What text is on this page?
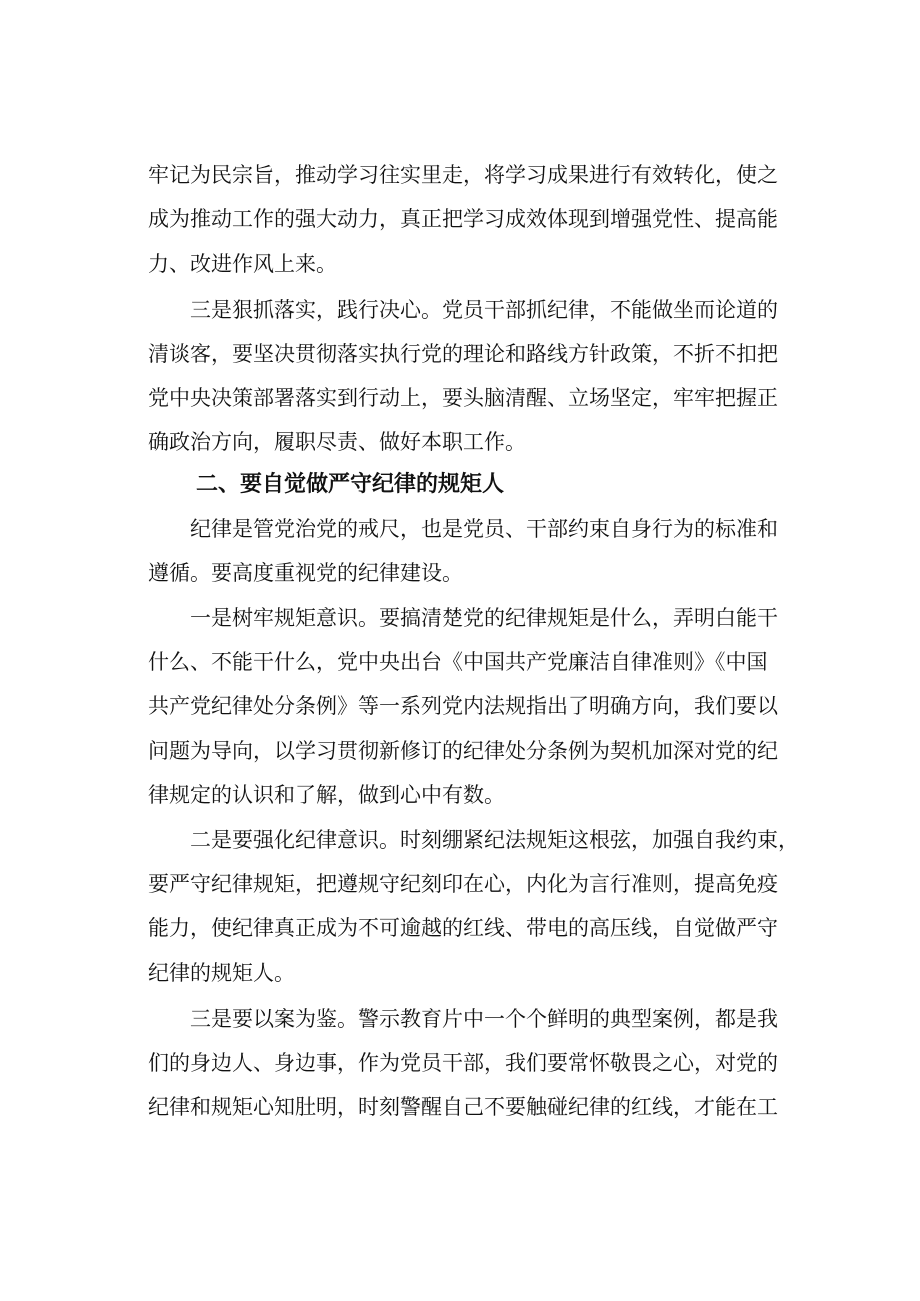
牢记为民宗旨，推动学习往实里走，将学习成果进行有效转化，使之

成为推动工作的强大动力，真正把学习成效体现到增强党性、提高能

力、改进作风上来。

　　三是狠抓落实，践行决心。党员干部抓纪律，不能做坐而论道的

清谈客，要坚决贯彻落实执行党的理论和路线方针政策，不折不扣把

党中央决策部署落实到行动上，要头脑清醒、立场坚定，牢牢把握正

确政治方向，履职尽责、做好本职工作。

二、要自觉做严守纪律的规矩人

　　纪律是管党治党的戒尺，也是党员、干部约束自身行为的标准和

遵循。要高度重视党的纪律建设。

　　一是树牢规矩意识。要搞清楚党的纪律规矩是什么，弄明白能干

什么、不能干什么，党中央出台《中国共产党廉洁自律准则》《中国

共产党纪律处分条例》等一系列党内法规指出了明确方向，我们要以

问题为导向，以学习贯彻新修订的纪律处分条例为契机加深对党的纪

律规定的认识和了解，做到心中有数。

　　二是要强化纪律意识。时刻绷紧纪法规矩这根弦，加强自我约束，

要严守纪律规矩，把遵规守纪刻印在心，内化为言行准则，提高免疫

能力，使纪律真正成为不可逾越的红线、带电的高压线，自觉做严守

纪律的规矩人。

　　三是要以案为鉴。警示教育片中一个个鲜明的典型案例，都是我

们的身边人、身边事，作为党员干部，我们要常怀敬畏之心，对党的

纪律和规矩心知肚明，时刻警醒自己不要触碰纪律的红线，才能在工
